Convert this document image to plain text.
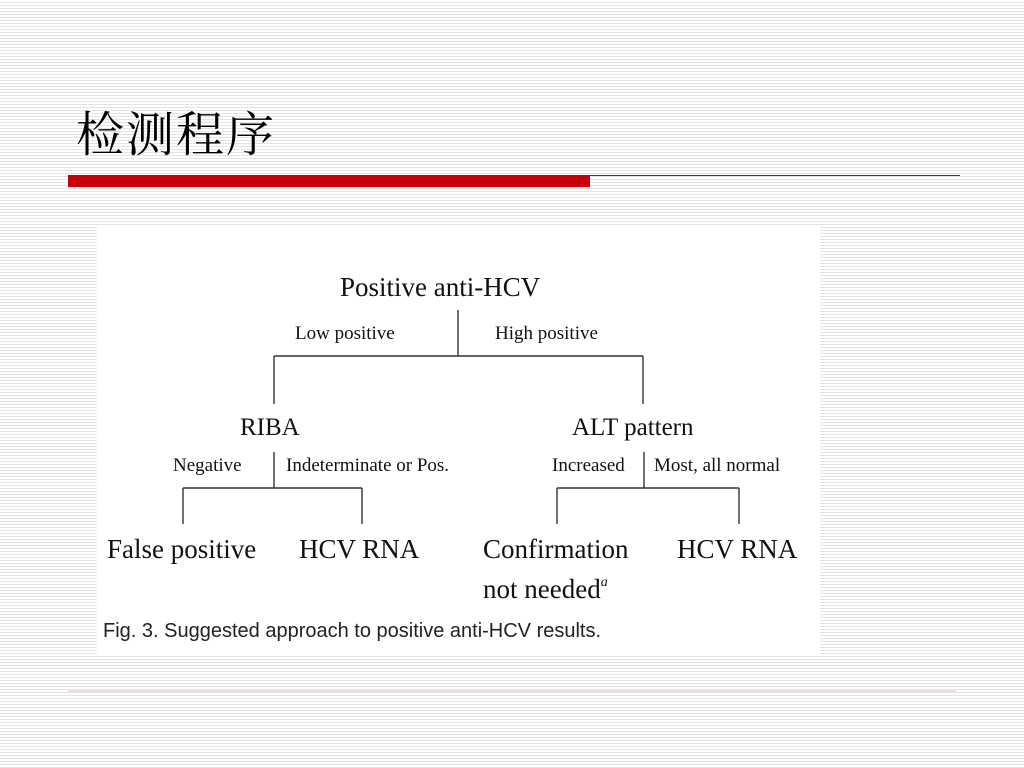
检测程序
Positive anti-HCV
Low positive	High positive
RIBA	ALT pattern
Negative Indeterminate or Pos.	Increased Most, all normal
False positive HCV RNA Confirmation
not needed$^a$
HCV RNA
Fig. 3. Suggested approach to positive anti-HCV results.
